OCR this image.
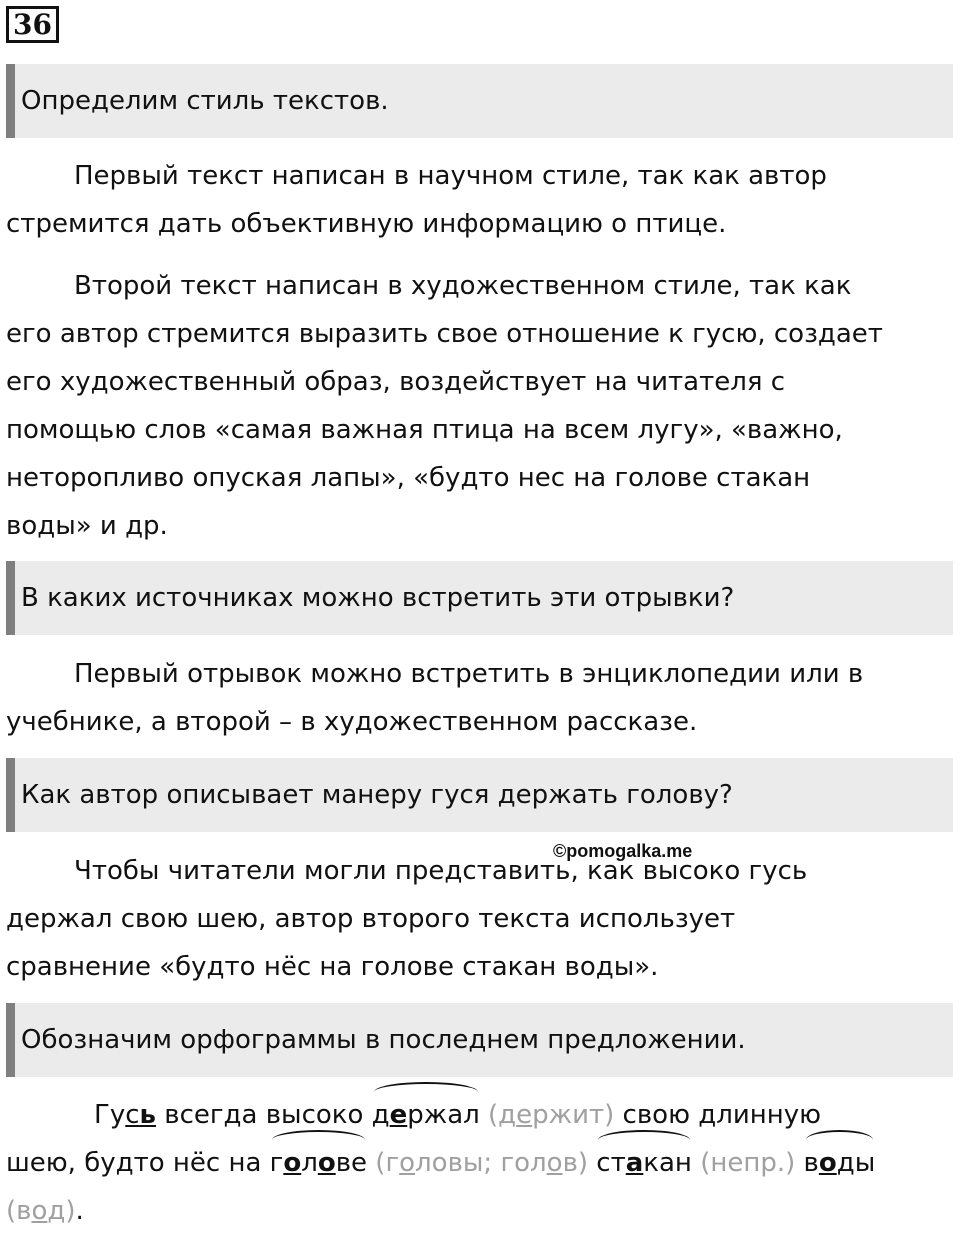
36
Определим стиль текстов.

Первый текст написан в научном стиле, так как автор
стремится дать объективную информацию о птице.

Второй текст написан в художественном стиле, так как
его автор стремится выразить свое отношение к гусю, создает
его художественный образ, воздействует на читателя с
помощью слов «самая важная птица на всем лугу», «важно,
неторопливо опуская лапы», «будто нес на голове стакан
воды» и др.

В каких источниках можно встретить эти отрывки?

Первый отрывок можно встретить в энциклопедии или в
учебнике, а второй – в художественном рассказе.

Как автор описывает манеру гуся держать голову?
©pomogalka.me

Чтобы читатели могли представить, как высоко гусь
держал свою шею, автор второго текста использует
сравнение «будто нёс на голове стакан воды».

Обозначим орфограммы в последнем предложении.

Гусь всегда высоко держал (держит) свою длинную
шею, будто нёс на голове (головы; голов) стакан (непр.) воды
(вод).
